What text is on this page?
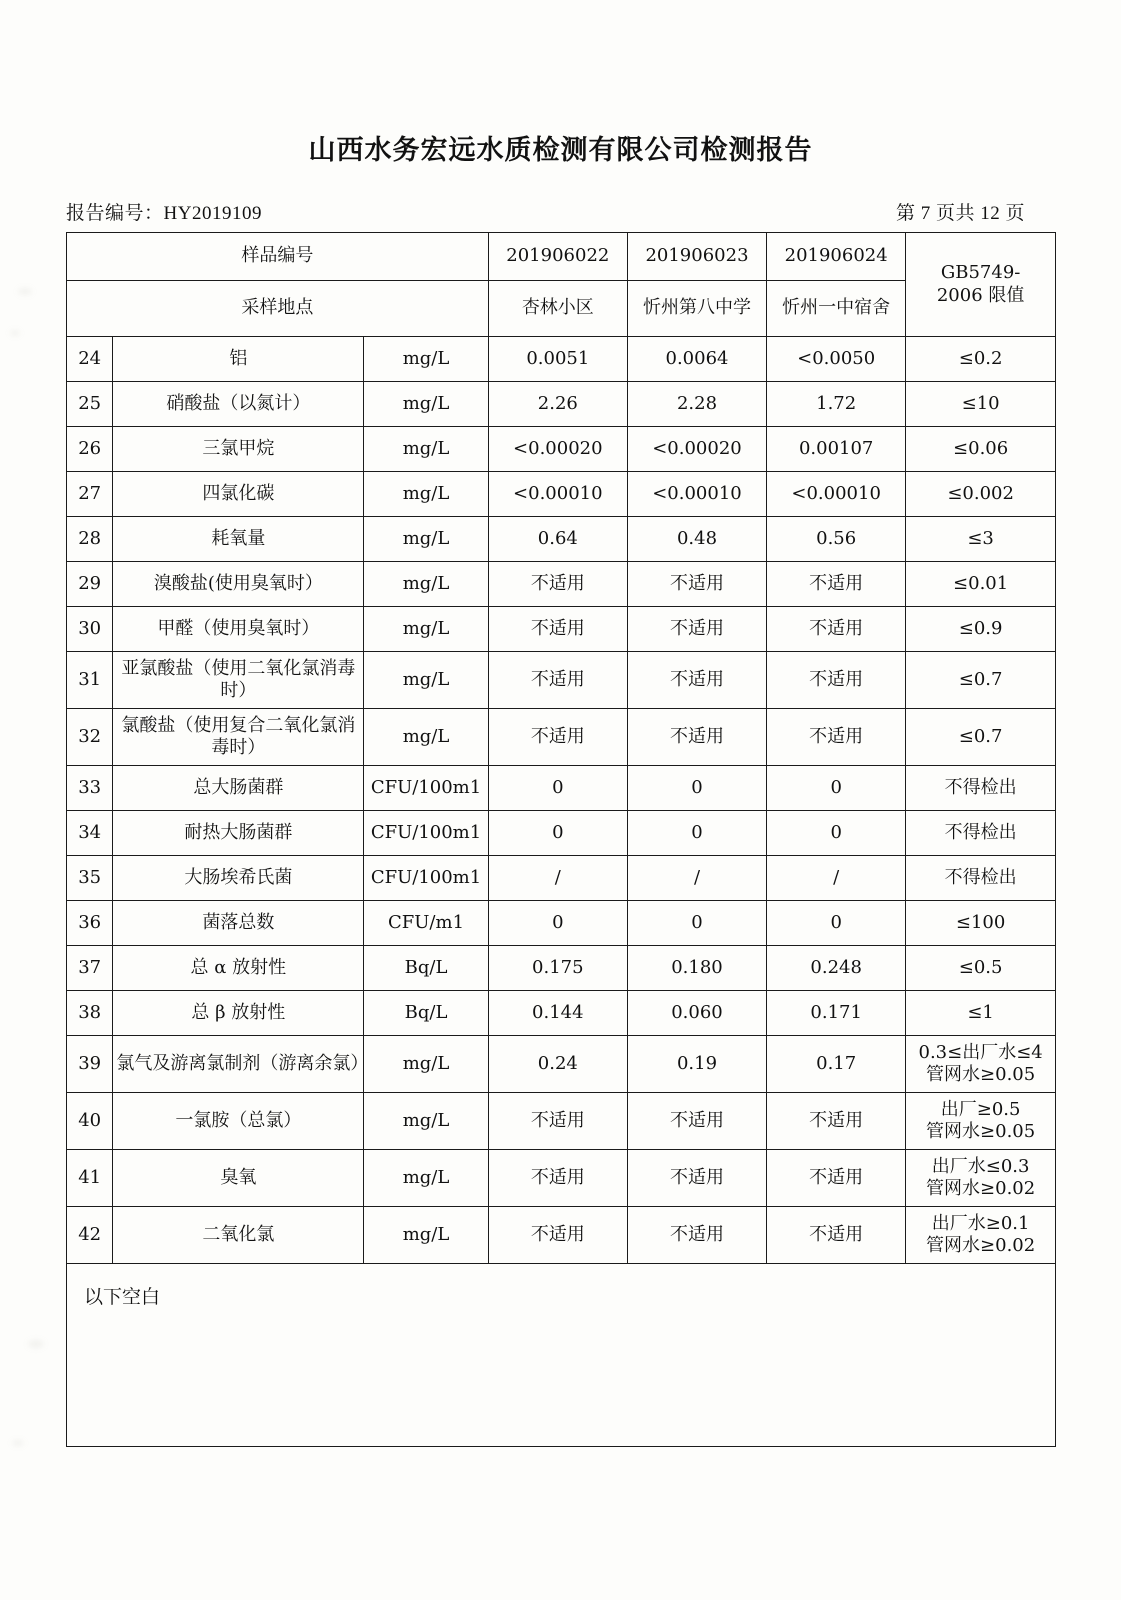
山西水务宏远水质检测有限公司检测报告
报告编号：HY2019109	第 7 页共 12 页
样品编号			201906022	201906023	201906024	GB5749-
2006 限值

采样地点			杏林小区	忻州第八中学	忻州一中宿舍	
24	铝	mg/L	0.0051	0.0064	<0.0050	≤0.2
25	硝酸盐（以氮计）	mg/L	2.26	2.28	1.72	≤10
26	三氯甲烷	mg/L	<0.00020	<0.00020	0.00107	≤0.06
27	四氯化碳	mg/L	<0.00010	<0.00010	<0.00010	≤0.002
28	耗氧量	mg/L	0.64	0.48	0.56	≤3
29	溴酸盐(使用臭氧时）	mg/L	不适用	不适用	不适用	≤0.01
30	甲醛（使用臭氧时）	mg/L	不适用	不适用	不适用	≤0.9
31	亚氯酸盐（使用二氧化氯消毒时）	mg/L	不适用	不适用	不适用	≤0.7
32	氯酸盐（使用复合二氧化氯消毒时）	mg/L	不适用	不适用	不适用	≤0.7
33	总大肠菌群	CFU/100m1	0	0	0	不得检出
34	耐热大肠菌群	CFU/100m1	0	0	0	不得检出
35	大肠埃希氏菌	CFU/100m1	/	/	/	不得检出
36	菌落总数	CFU/m1	0	0	0	≤100
37	总 α 放射性	Bq/L	0.175	0.180	0.248	≤0.5
38	总 β 放射性	Bq/L	0.144	0.060	0.171	≤1
39	氯气及游离氯制剂（游离余氯）	mg/L	0.24	0.19	0.17	0.3≤出厂水≤4
管网水≥0.05

40	一氯胺（总氯）	mg/L	不适用	不适用	不适用	出厂≥0.5
管网水≥0.05

41	臭氧	mg/L	不适用	不适用	不适用	出厂水≤0.3
管网水≥0.02

42	二氧化氯	mg/L	不适用	不适用	不适用	出厂水≥0.1
管网水≥0.02
以下空白
